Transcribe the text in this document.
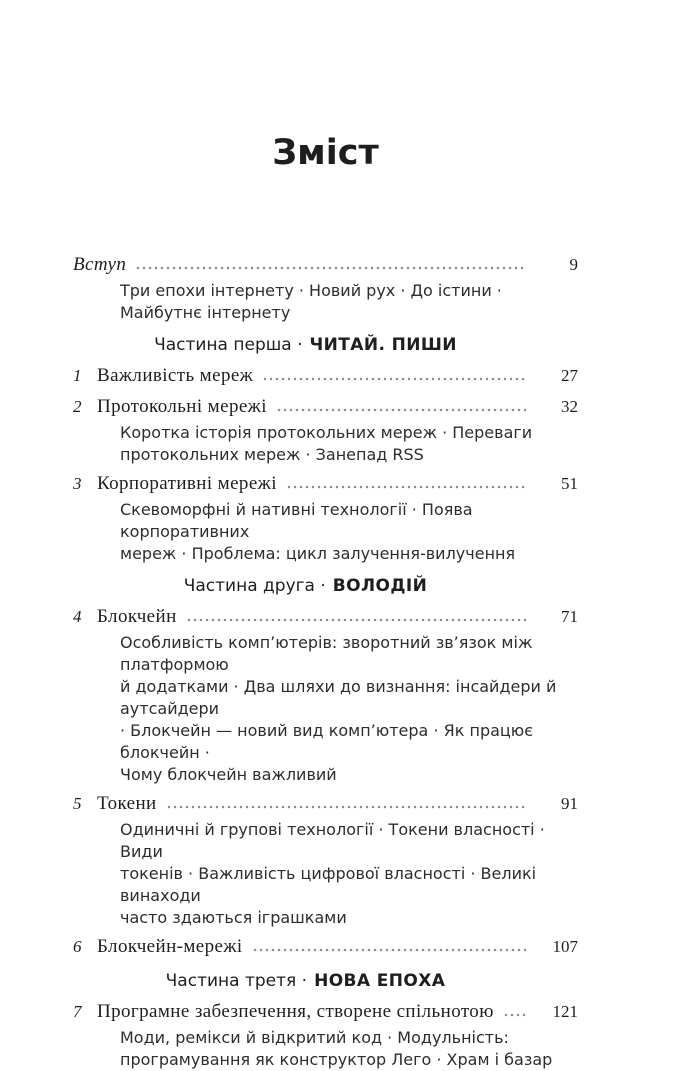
Зміст
Вступ	9
Три епохи інтернету · Новий рух · До істини ·
Майбутнє інтернету
Частина перша · ЧИТАЙ. ПИШИ
1 Важливість мереж	27
2 Протокольні мережі	32
Коротка історія протокольних мереж · Переваги
протокольних мереж · Занепад RSS
3 Корпоративні мережі	51
Скевоморфні й нативні технології · Поява корпоративних
мереж · Проблема: цикл залучення-вилучення
Частина друга · ВОЛОДІЙ
4 Блокчейн	71
Особливість комп’ютерів: зворотний зв’язок між платформою
й додатками · Два шляхи до визнання: інсайдери й аутсайдери
· Блокчейн — новий вид комп’ютера · Як працює блокчейн ·
Чому блокчейн важливий
5 Токени	91
Одиничні й групові технології · Токени власності · Види
токенів · Важливість цифрової власності · Великі винаходи
часто здаються іграшками
6 Блокчейн-мережі	107
Частина третя · НОВА ЕПОХА
7 Програмне забезпечення, створене спільнотою	121
Моди, ремікси й відкритий код · Модульність:
програмування як конструктор Лего · Храм і базар
